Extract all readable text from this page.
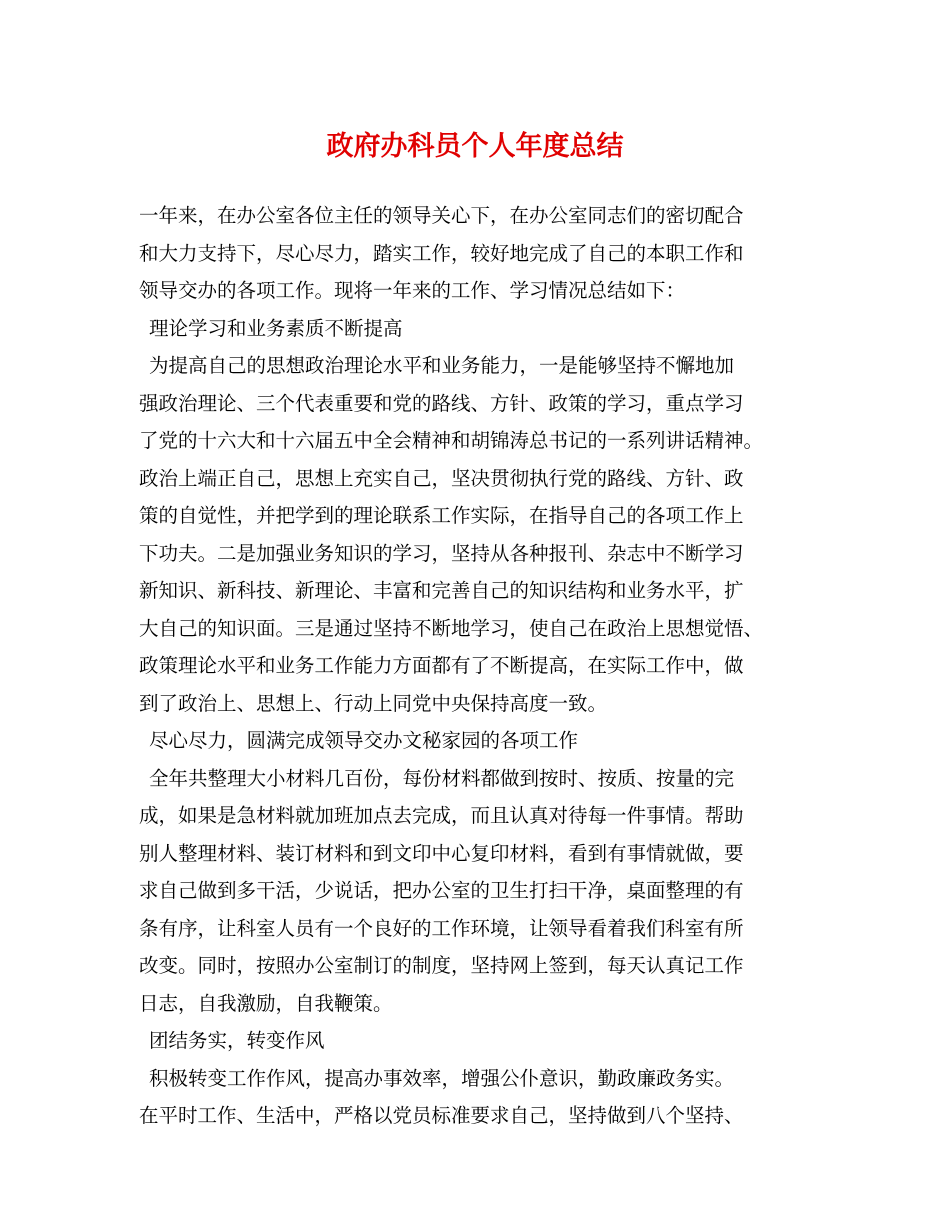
政府办科员个人年度总结
一年来，在办公室各位主任的领导关心下，在办公室同志们的密切配合
和大力支持下，尽心尽力，踏实工作，较好地完成了自己的本职工作和
领导交办的各项工作。现将一年来的工作、学习情况总结如下：
理论学习和业务素质不断提高
为提高自己的思想政治理论水平和业务能力，一是能够坚持不懈地加
强政治理论、三个代表重要和党的路线、方针、政策的学习，重点学习
了党的十六大和十六届五中全会精神和胡锦涛总书记的一系列讲话精神。
政治上端正自己，思想上充实自己，坚决贯彻执行党的路线、方针、政
策的自觉性，并把学到的理论联系工作实际，在指导自己的各项工作上
下功夫。二是加强业务知识的学习，坚持从各种报刊、杂志中不断学习
新知识、新科技、新理论、丰富和完善自己的知识结构和业务水平，扩
大自己的知识面。三是通过坚持不断地学习，使自己在政治上思想觉悟、
政策理论水平和业务工作能力方面都有了不断提高，在实际工作中，做
到了政治上、思想上、行动上同党中央保持高度一致。
尽心尽力，圆满完成领导交办文秘家园的各项工作
全年共整理大小材料几百份，每份材料都做到按时、按质、按量的完
成，如果是急材料就加班加点去完成，而且认真对待每一件事情。帮助
别人整理材料、装订材料和到文印中心复印材料，看到有事情就做，要
求自己做到多干活，少说话，把办公室的卫生打扫干净，桌面整理的有
条有序，让科室人员有一个良好的工作环境，让领导看着我们科室有所
改变。同时，按照办公室制订的制度，坚持网上签到，每天认真记工作
日志，自我激励，自我鞭策。
团结务实，转变作风
积极转变工作作风，提高办事效率，增强公仆意识，勤政廉政务实。
在平时工作、生活中，严格以党员标准要求自己，坚持做到八个坚持、
